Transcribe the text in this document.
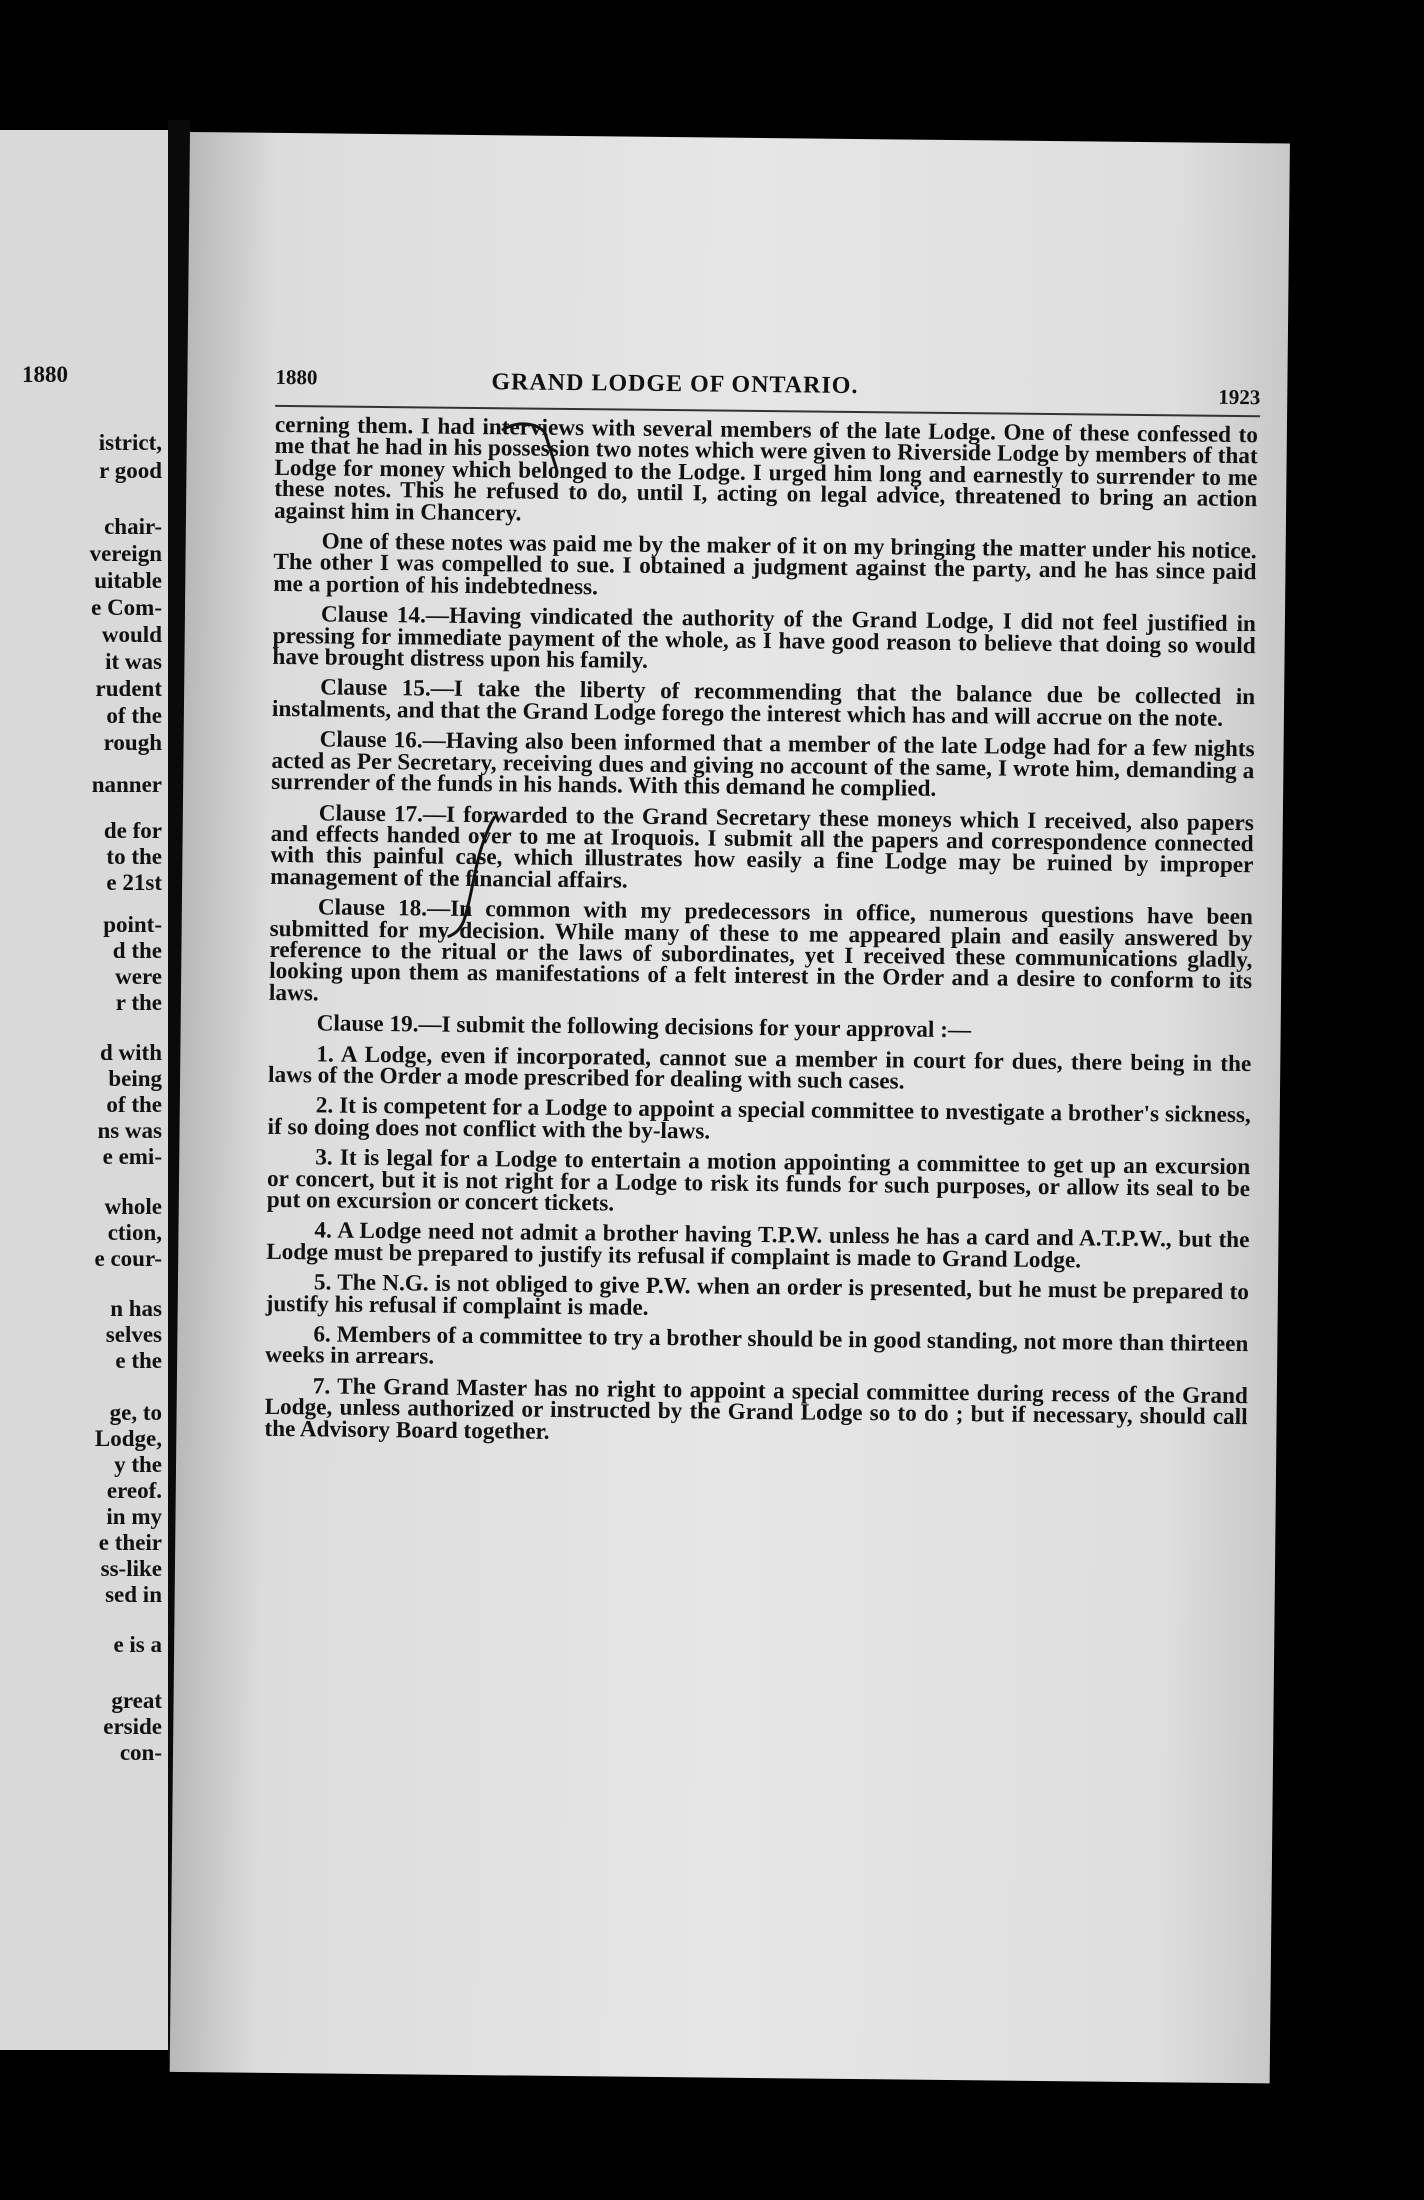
1880
istrict,
r good
chair-
vereign
uitable
e Com-
would
it was
rudent
of the
rough
nanner
de for
to the
e 21st
point-
d the
were
r the
d with
being
of the
ns was
e emi-
whole
ction,
e cour-
n has
selves
e the
ge, to
Lodge,
y the
ereof.
in my
e their
ss-like
sed in
e is a
great
erside
con-
1880	GRAND LODGE OF ONTARIO.	1923

cerning them. I had interviews with several members of the late Lodge. One of these confessed to me that he had in his possession two notes which were given to Riverside Lodge by members of that Lodge for money which belonged to the Lodge. I urged him long and earnestly to surrender to me these notes. This he refused to do, until I, acting on legal advice, threatened to bring an action against him in Chancery.

One of these notes was paid me by the maker of it on my bringing the matter under his notice. The other I was compelled to sue. I obtained a judgment against the party, and he has since paid me a portion of his indebtedness.

Clause 14.—Having vindicated the authority of the Grand Lodge, I did not feel justified in pressing for immediate payment of the whole, as I have good reason to believe that doing so would have brought distress upon his family.

Clause 15.—I take the liberty of recommending that the balance due be collected in instalments, and that the Grand Lodge forego the interest which has and will accrue on the note.

Clause 16.—Having also been informed that a member of the late Lodge had for a few nights acted as Per Secretary, receiving dues and giving no account of the same, I wrote him, demanding a surrender of the funds in his hands. With this demand he complied.

Clause 17.—I forwarded to the Grand Secretary these moneys which I received, also papers and effects handed over to me at Iroquois. I submit all the papers and correspondence connected with this painful case, which illustrates how easily a fine Lodge may be ruined by improper management of the financial affairs.

Clause 18.—In common with my predecessors in office, numerous questions have been submitted for my decision. While many of these to me appeared plain and easily answered by reference to the ritual or the laws of subordinates, yet I received these communications gladly, looking upon them as manifestations of a felt interest in the Order and a desire to conform to its laws.

Clause 19.—I submit the following decisions for your approval :—

1. A Lodge, even if incorporated, cannot sue a member in court for dues, there being in the laws of the Order a mode prescribed for dealing with such cases.

2. It is competent for a Lodge to appoint a special committee to nvestigate a brother's sickness, if so doing does not conflict with the by-laws.

3. It is legal for a Lodge to entertain a motion appointing a committee to get up an excursion or concert, but it is not right for a Lodge to risk its funds for such purposes, or allow its seal to be put on excursion or concert tickets.

4. A Lodge need not admit a brother having T.P.W. unless he has a card and A.T.P.W., but the Lodge must be prepared to justify its refusal if complaint is made to Grand Lodge.

5. The N.G. is not obliged to give P.W. when an order is presented, but he must be prepared to justify his refusal if complaint is made.

6. Members of a committee to try a brother should be in good standing, not more than thirteen weeks in arrears.

7. The Grand Master has no right to appoint a special committee during recess of the Grand Lodge, unless authorized or instructed by the Grand Lodge so to do ; but if necessary, should call the Advisory Board together.
